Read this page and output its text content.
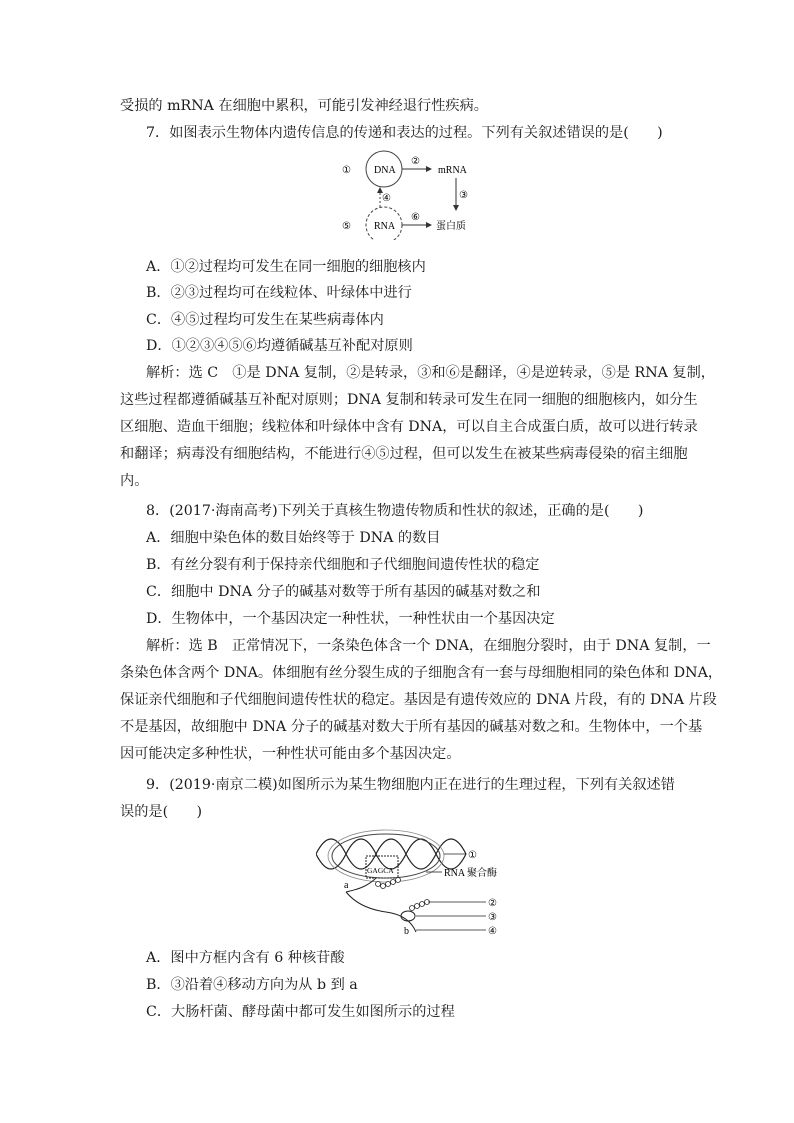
受损的 mRNA 在细胞中累积，可能引发神经退行性疾病。
7．如图表示生物体内遗传信息的传递和表达的过程。下列有关叙述错误的是(　　)
DNA	mRNA
RNA	蛋白质
①
②
③
④
⑤
⑥
A．①②过程均可发生在同一细胞的细胞核内
B．②③过程均可在线粒体、叶绿体中进行
C．④⑤过程均可发生在某些病毒体内
D．①②③④⑤⑥均遵循碱基互补配对原则
解析：选 C　①是 DNA 复制，②是转录，③和⑥是翻译，④是逆转录，⑤是 RNA 复制，
这些过程都遵循碱基互补配对原则；DNA 复制和转录可发生在同一细胞的细胞核内，如分生
区细胞、造血干细胞；线粒体和叶绿体中含有 DNA，可以自主合成蛋白质，故可以进行转录
和翻译；病毒没有细胞结构，不能进行④⑤过程，但可以发生在被某些病毒侵染的宿主细胞
内。
8．(2017·海南高考)下列关于真核生物遗传物质和性状的叙述，正确的是(　　)
A．细胞中染色体的数目始终等于 DNA 的数目
B．有丝分裂有利于保持亲代细胞和子代细胞间遗传性状的稳定
C．细胞中 DNA 分子的碱基对数等于所有基因的碱基对数之和
D．生物体中，一个基因决定一种性状，一种性状由一个基因决定
解析：选 B　正常情况下，一条染色体含一个 DNA，在细胞分裂时，由于 DNA 复制，一
条染色体含两个 DNA。体细胞有丝分裂生成的子细胞含有一套与母细胞相同的染色体和 DNA，
保证亲代细胞和子代细胞间遗传性状的稳定。基因是有遗传效应的 DNA 片段，有的 DNA 片段
不是基因，故细胞中 DNA 分子的碱基对数大于所有基因的碱基对数之和。生物体中，一个基
因可能决定多种性状，一种性状可能由多个基因决定。
9．(2019·南京二模)如图所示为某生物细胞内正在进行的生理过程，下列有关叙述错
误的是(　　)
GAGCA
①
RNA 聚合酶
②
③
④
a
b
A．图中方框内含有 6 种核苷酸
B．③沿着④移动方向为从 b 到 a
C．大肠杆菌、酵母菌中都可发生如图所示的过程
